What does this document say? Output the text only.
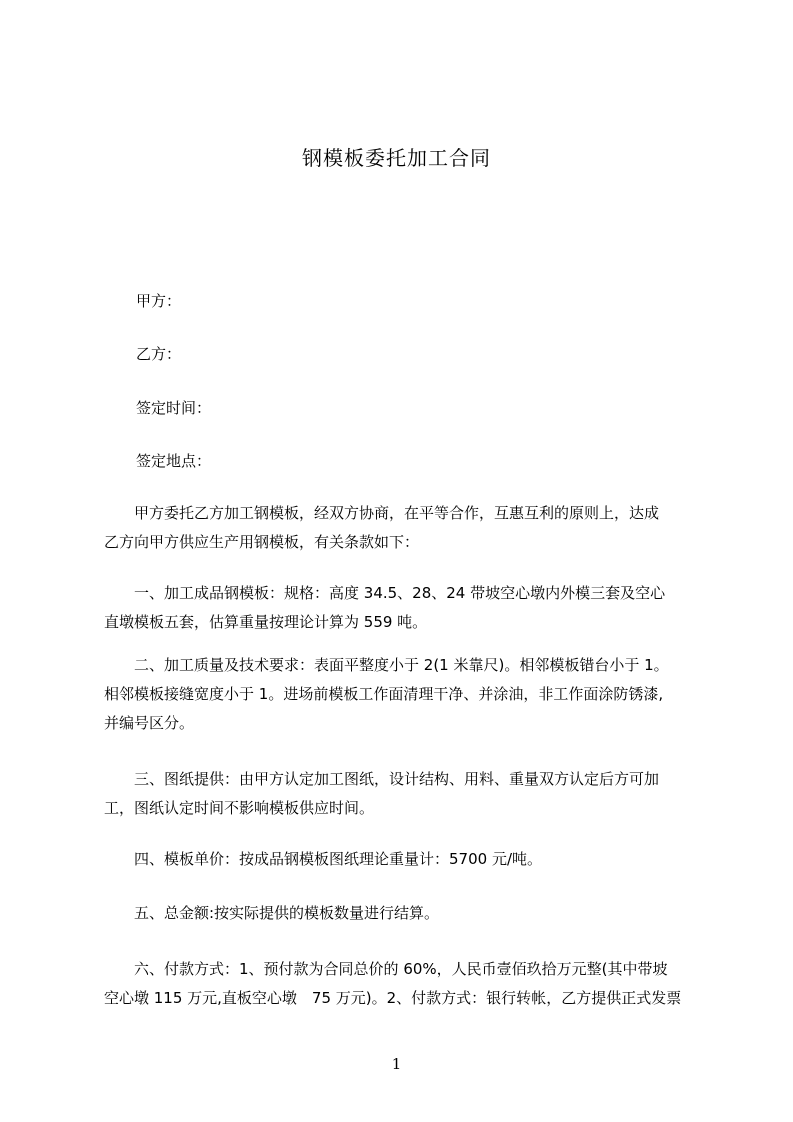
钢模板委托加工合同
甲方：
乙方：
签定时间：
签定地点：
　　甲方委托乙方加工钢模板，经双方协商，在平等合作，互惠互利的原则上，达成
乙方向甲方供应生产用钢模板，有关条款如下：
　　一、加工成品钢模板：规格：高度 34.5、28、24 带坡空心墩内外模三套及空心
直墩模板五套，估算重量按理论计算为 559 吨。
　　二、加工质量及技术要求：表面平整度小于 2(1 米靠尺)。相邻模板错台小于 1。
相邻模板接缝宽度小于 1。进场前模板工作面清理干净、并涂油，非工作面涂防锈漆,
并编号区分。
　　三、图纸提供：由甲方认定加工图纸，设计结构、用料、重量双方认定后方可加
工，图纸认定时间不影响模板供应时间。
　　四、模板单价：按成品钢模板图纸理论重量计：5700 元/吨。
　　五、总金额:按实际提供的模板数量进行结算。
　　六、付款方式：1、预付款为合同总价的 60%，人民币壹佰玖拾万元整(其中带坡
空心墩 115 万元,直板空心墩　75 万元)。2、付款方式：银行转帐，乙方提供正式发票
1
